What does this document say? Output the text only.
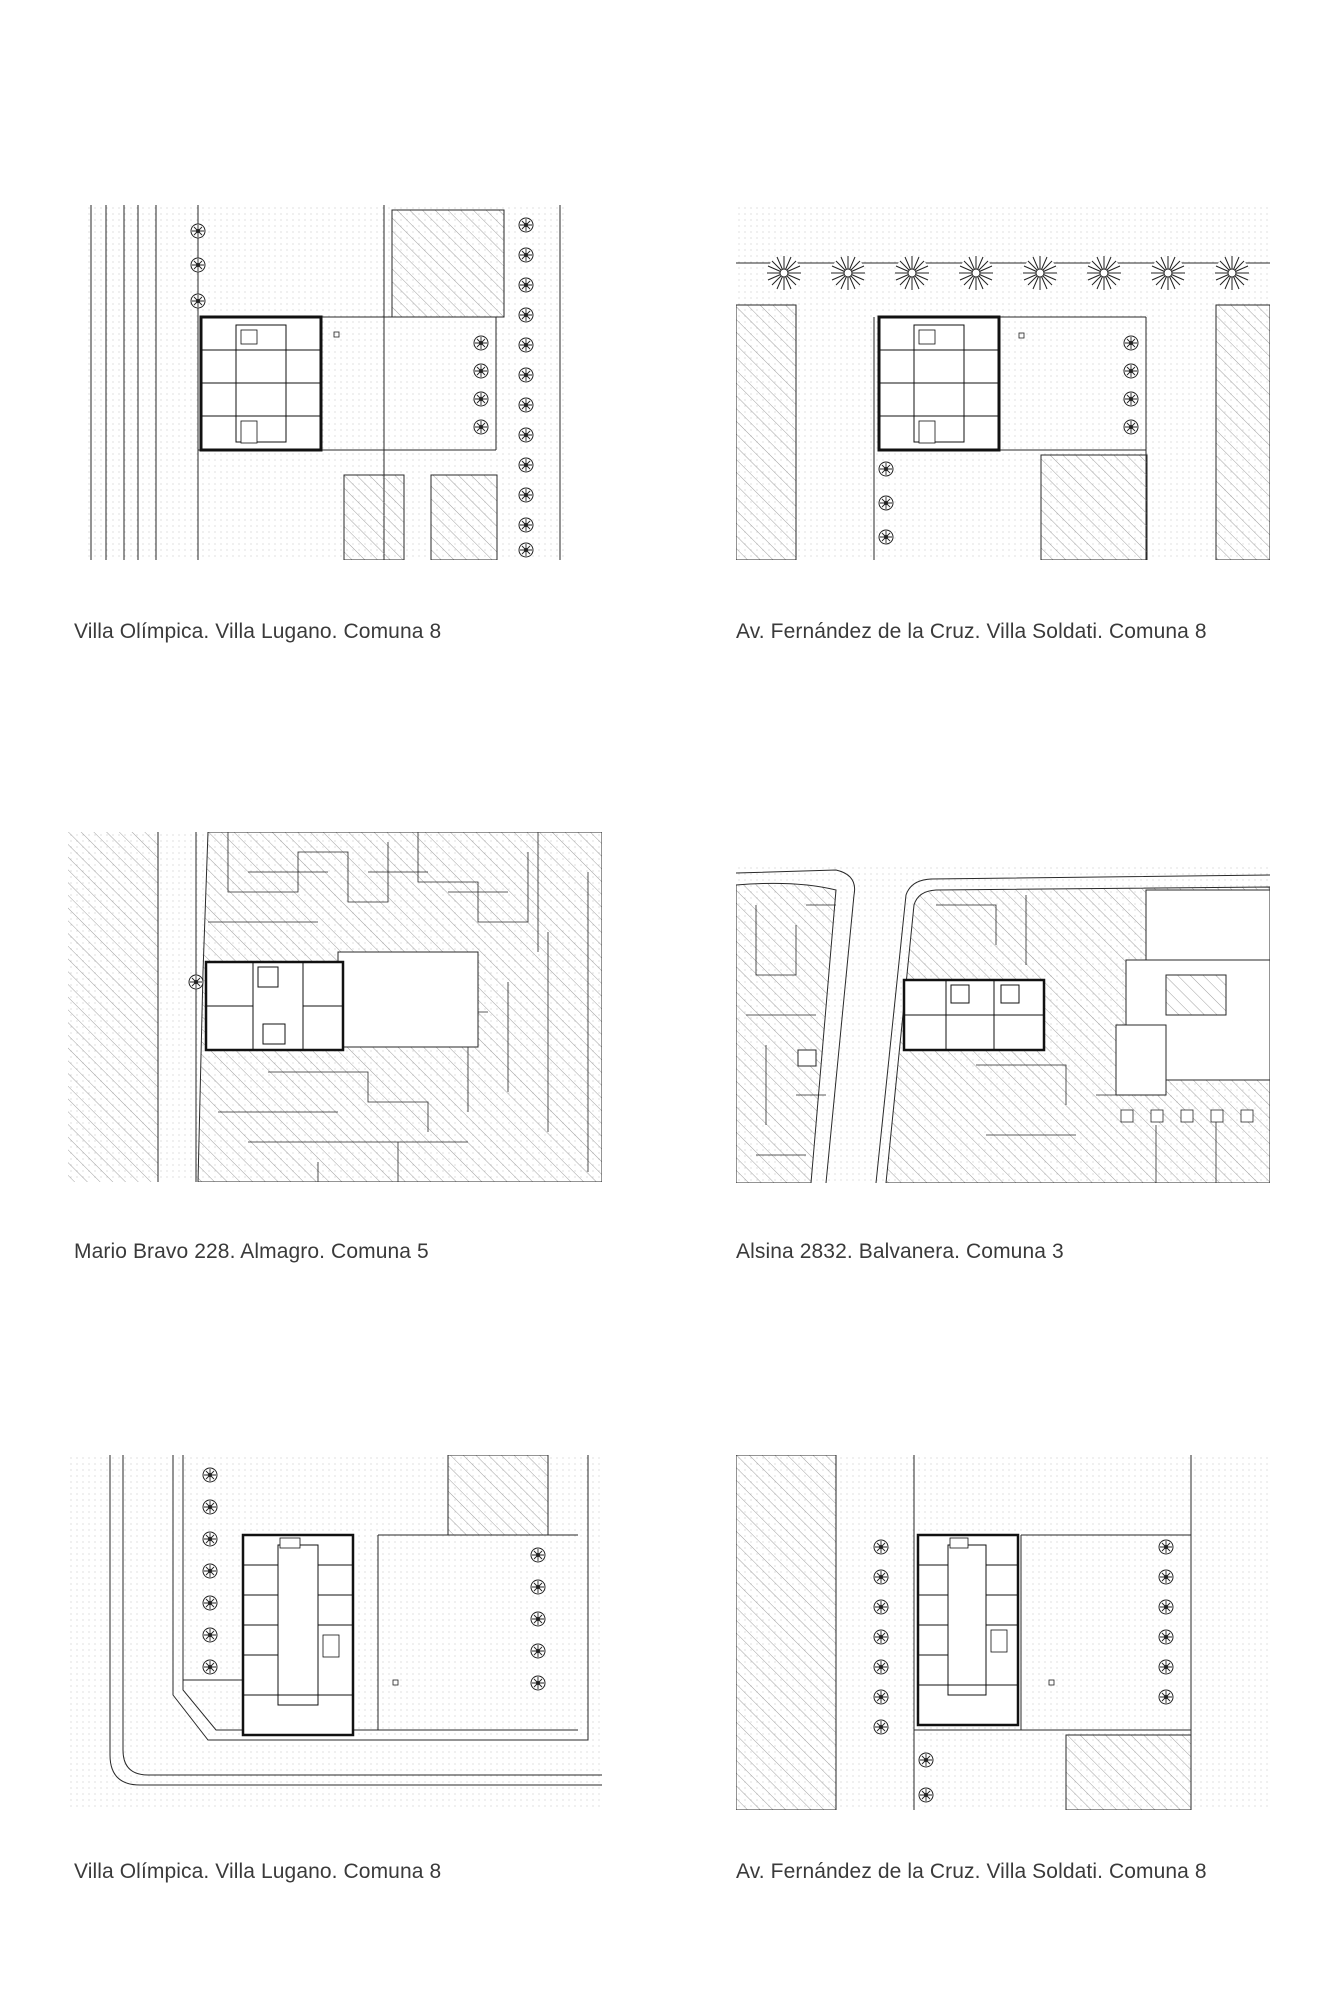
Villa Olímpica. Villa Lugano. Comuna 8	Av. Fernández de la Cruz. Villa Soldati. Comuna 8
Mario Bravo 228. Almagro. Comuna 5	Alsina 2832. Balvanera. Comuna 3
Villa Olímpica. Villa Lugano. Comuna 8	Av. Fernández de la Cruz. Villa Soldati. Comuna 8
